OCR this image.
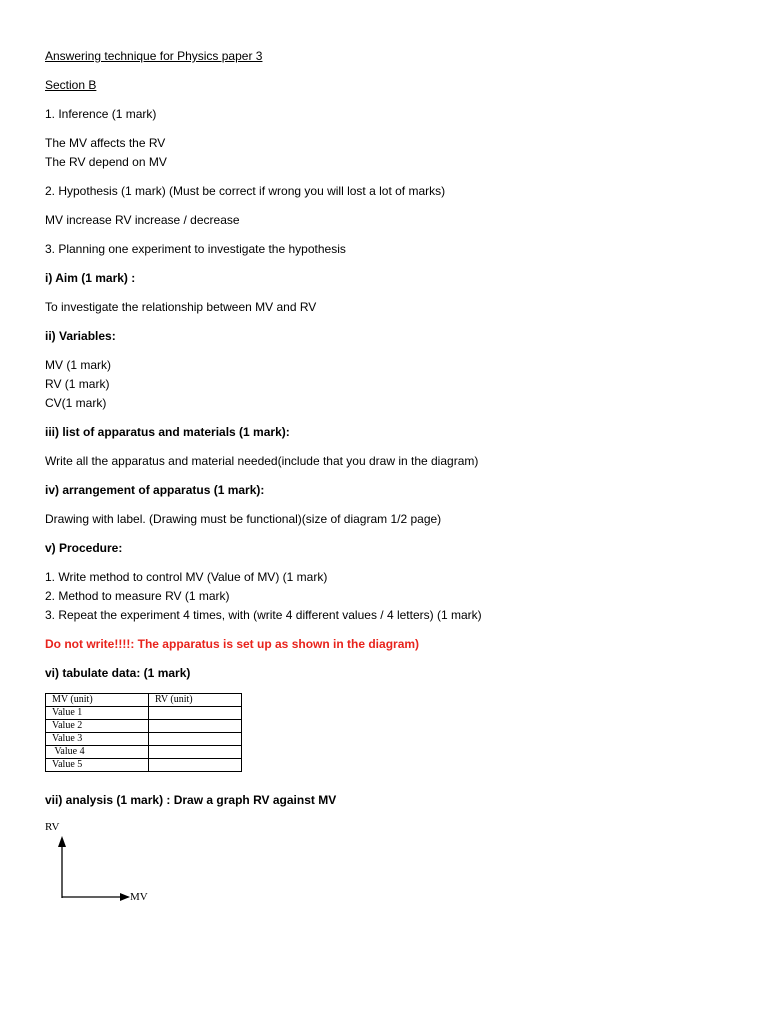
Answering technique for Physics paper 3
Section B
1. Inference (1 mark)
The MV affects the RV
The RV depend on MV
2. Hypothesis (1 mark) (Must be correct if wrong you will lost a lot of marks)
MV increase RV increase / decrease
3. Planning one experiment to investigate the hypothesis
i) Aim (1 mark) :
To investigate the relationship between MV and RV
ii) Variables:
MV (1 mark)
RV (1 mark)
CV(1 mark)
iii) list of apparatus and materials (1 mark):
Write all the apparatus and material needed(include that you draw in the diagram)
iv) arrangement of apparatus (1 mark):
Drawing with label. (Drawing must be functional)(size of diagram 1/2 page)
v) Procedure:
1. Write method to control MV (Value of MV) (1 mark)
2. Method to measure RV (1 mark)
3. Repeat the experiment 4 times, with (write 4 different values / 4 letters) (1 mark)
Do not write!!!!: The apparatus is set up as shown in the diagram)
vi) tabulate data: (1 mark)
MV (unit)	RV (unit)
Value 1	
Value 2	
Value 3	
Value 4	
Value 5	
vii) analysis (1 mark) : Draw a graph RV against MV
RV
MV
